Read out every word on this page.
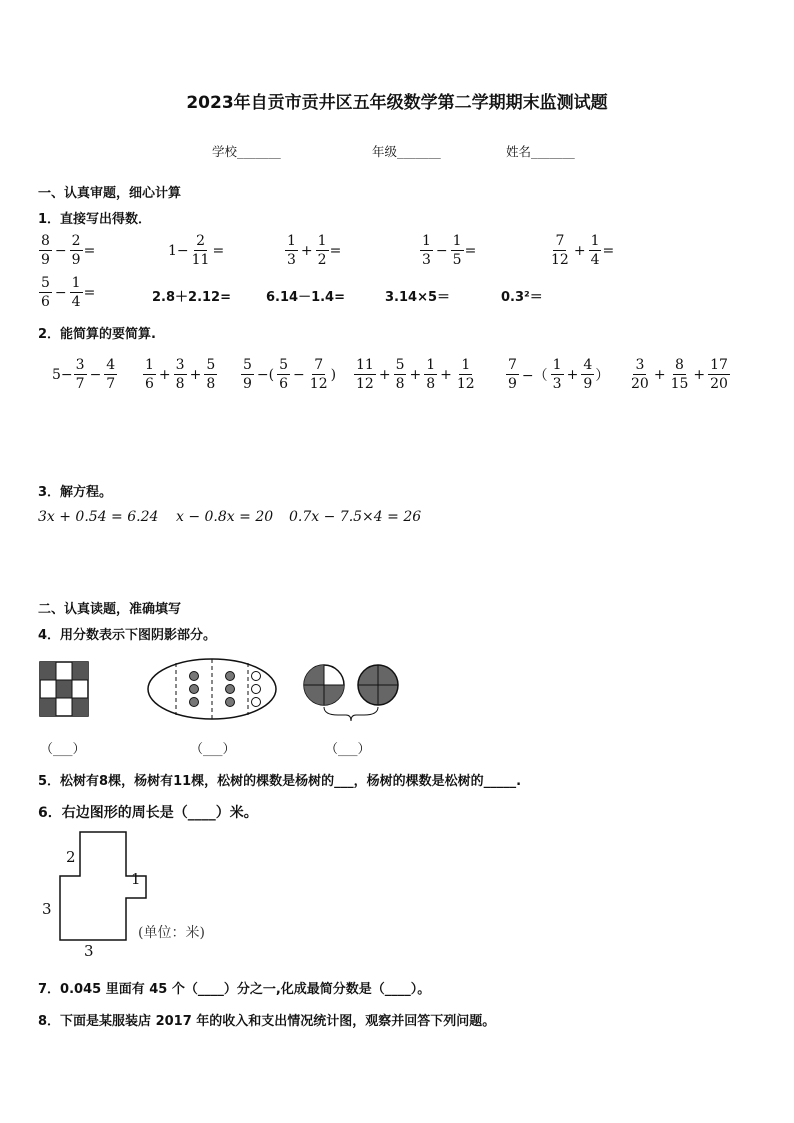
2023年自贡市贡井区五年级数学第二学期期末监测试题
学校_______	年级_______	姓名_______
一、认真审题，细心计算
1．直接写出得数．
$\frac{8}{9} - \frac{2}{9}$ =	$1- \frac{2}{11}$ =	$\frac{1}{3} + \frac{1}{2}$ =	$\frac{1}{3} - \frac{1}{5}$ =	$\frac{7}{12} + \frac{1}{4}$ =
$\frac{5}{6} - \frac{1}{4}$ =	2.8＋2.12=	6.14－1.4=	3.14×5＝	0.3²＝
2．能简算的要简算.
$5- \frac{3}{7} - \frac{4}{7} \frac{1}{6} + \frac{3}{8} + \frac{5}{8} \frac{5}{9}$ −( $\frac{5}{6} - \frac{7}{12}$ ) $\frac{11}{12} + \frac{5}{8} + \frac{1}{8} + \frac{1}{12} \frac{7}{9}$ −（ $\frac{1}{3} + \frac{4}{9}$ ） $\frac{3}{20} + \frac{8}{15} + \frac{17}{20}$
3．解方程。
3x + 0.54 = 6.24 x − 0.8x = 20 0.7x − 7.5×4 = 26
二、认真读题，准确填写
4．用分数表示下图阴影部分。
（___）	（___）	（___）
5．松树有8棵，杨树有11棵，松树的棵数是杨树的___，杨树的棵数是松树的_____.
6．右边图形的周长是（____）米。
2
3
1
3
(单位：米)
7．0.045 里面有 45 个（____）分之一,化成最简分数是（____）。
8．下面是某服装店 2017 年的收入和支出情况统计图，观察并回答下列问题。
